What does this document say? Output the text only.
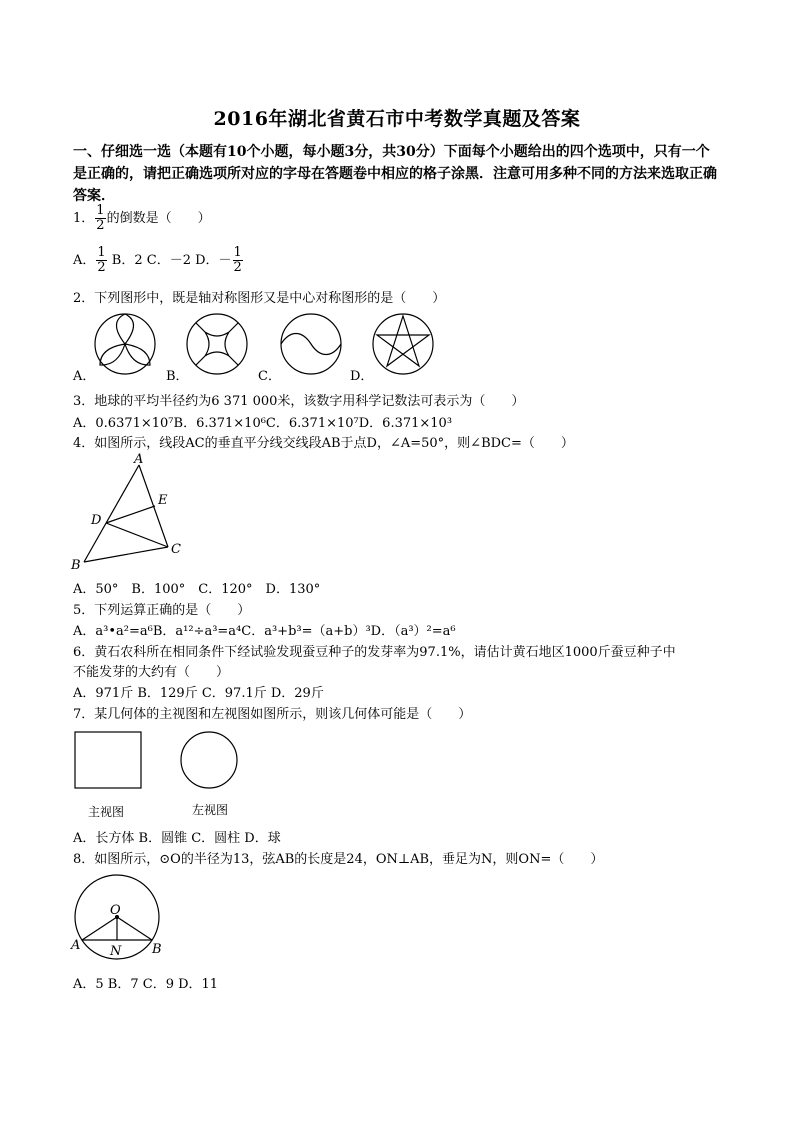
2016年湖北省黄石市中考数学真题及答案
一、仔细选一选（本题有10个小题，每小题3分，共30分）下面每个小题给出的四个选项中，只有一个
是正确的，请把正确选项所对应的字母在答题卷中相应的格子涂黑．注意可用多种不同的方法来选取正确
答案．
1． $\frac{1}{2}$ 的倒数是（　　）
A． $\frac{1}{2}$ B．2 C．－2 D．－ $\frac{1}{2}$
2．下列图形中，既是轴对称图形又是中心对称图形的是（　　）
A．	B．	C．	D．
A
B
C
D
E
O
A N B
3．地球的平均半径约为6 371 000米，该数字用科学记数法可表示为（　　）
A．0.6371×10⁷B．6.371×10⁶C．6.371×10⁷D．6.371×10³
4．如图所示，线段AC的垂直平分线交线段AB于点D，∠A=50°，则∠BDC=（　　）
A．50°　B．100°　C．120°　D．130°
5．下列运算正确的是（　　）
A．a³•a²=a⁶B．a¹²÷a³=a⁴C．a³+b³=（a+b）³D．（a³）²=a⁶
6．黄石农科所在相同条件下经试验发现蚕豆种子的发芽率为97.1%，请估计黄石地区1000斤蚕豆种子中
不能发芽的大约有（　　）
A．971斤 B．129斤 C．97.1斤 D．29斤
7．某几何体的主视图和左视图如图所示，则该几何体可能是（　　）
主视图	左视图
A．长方体 B．圆锥 C．圆柱 D．球
8．如图所示，⊙O的半径为13，弦AB的长度是24，ON⊥AB，垂足为N，则ON=（　　）
A．5 B．7 C．9 D．11
